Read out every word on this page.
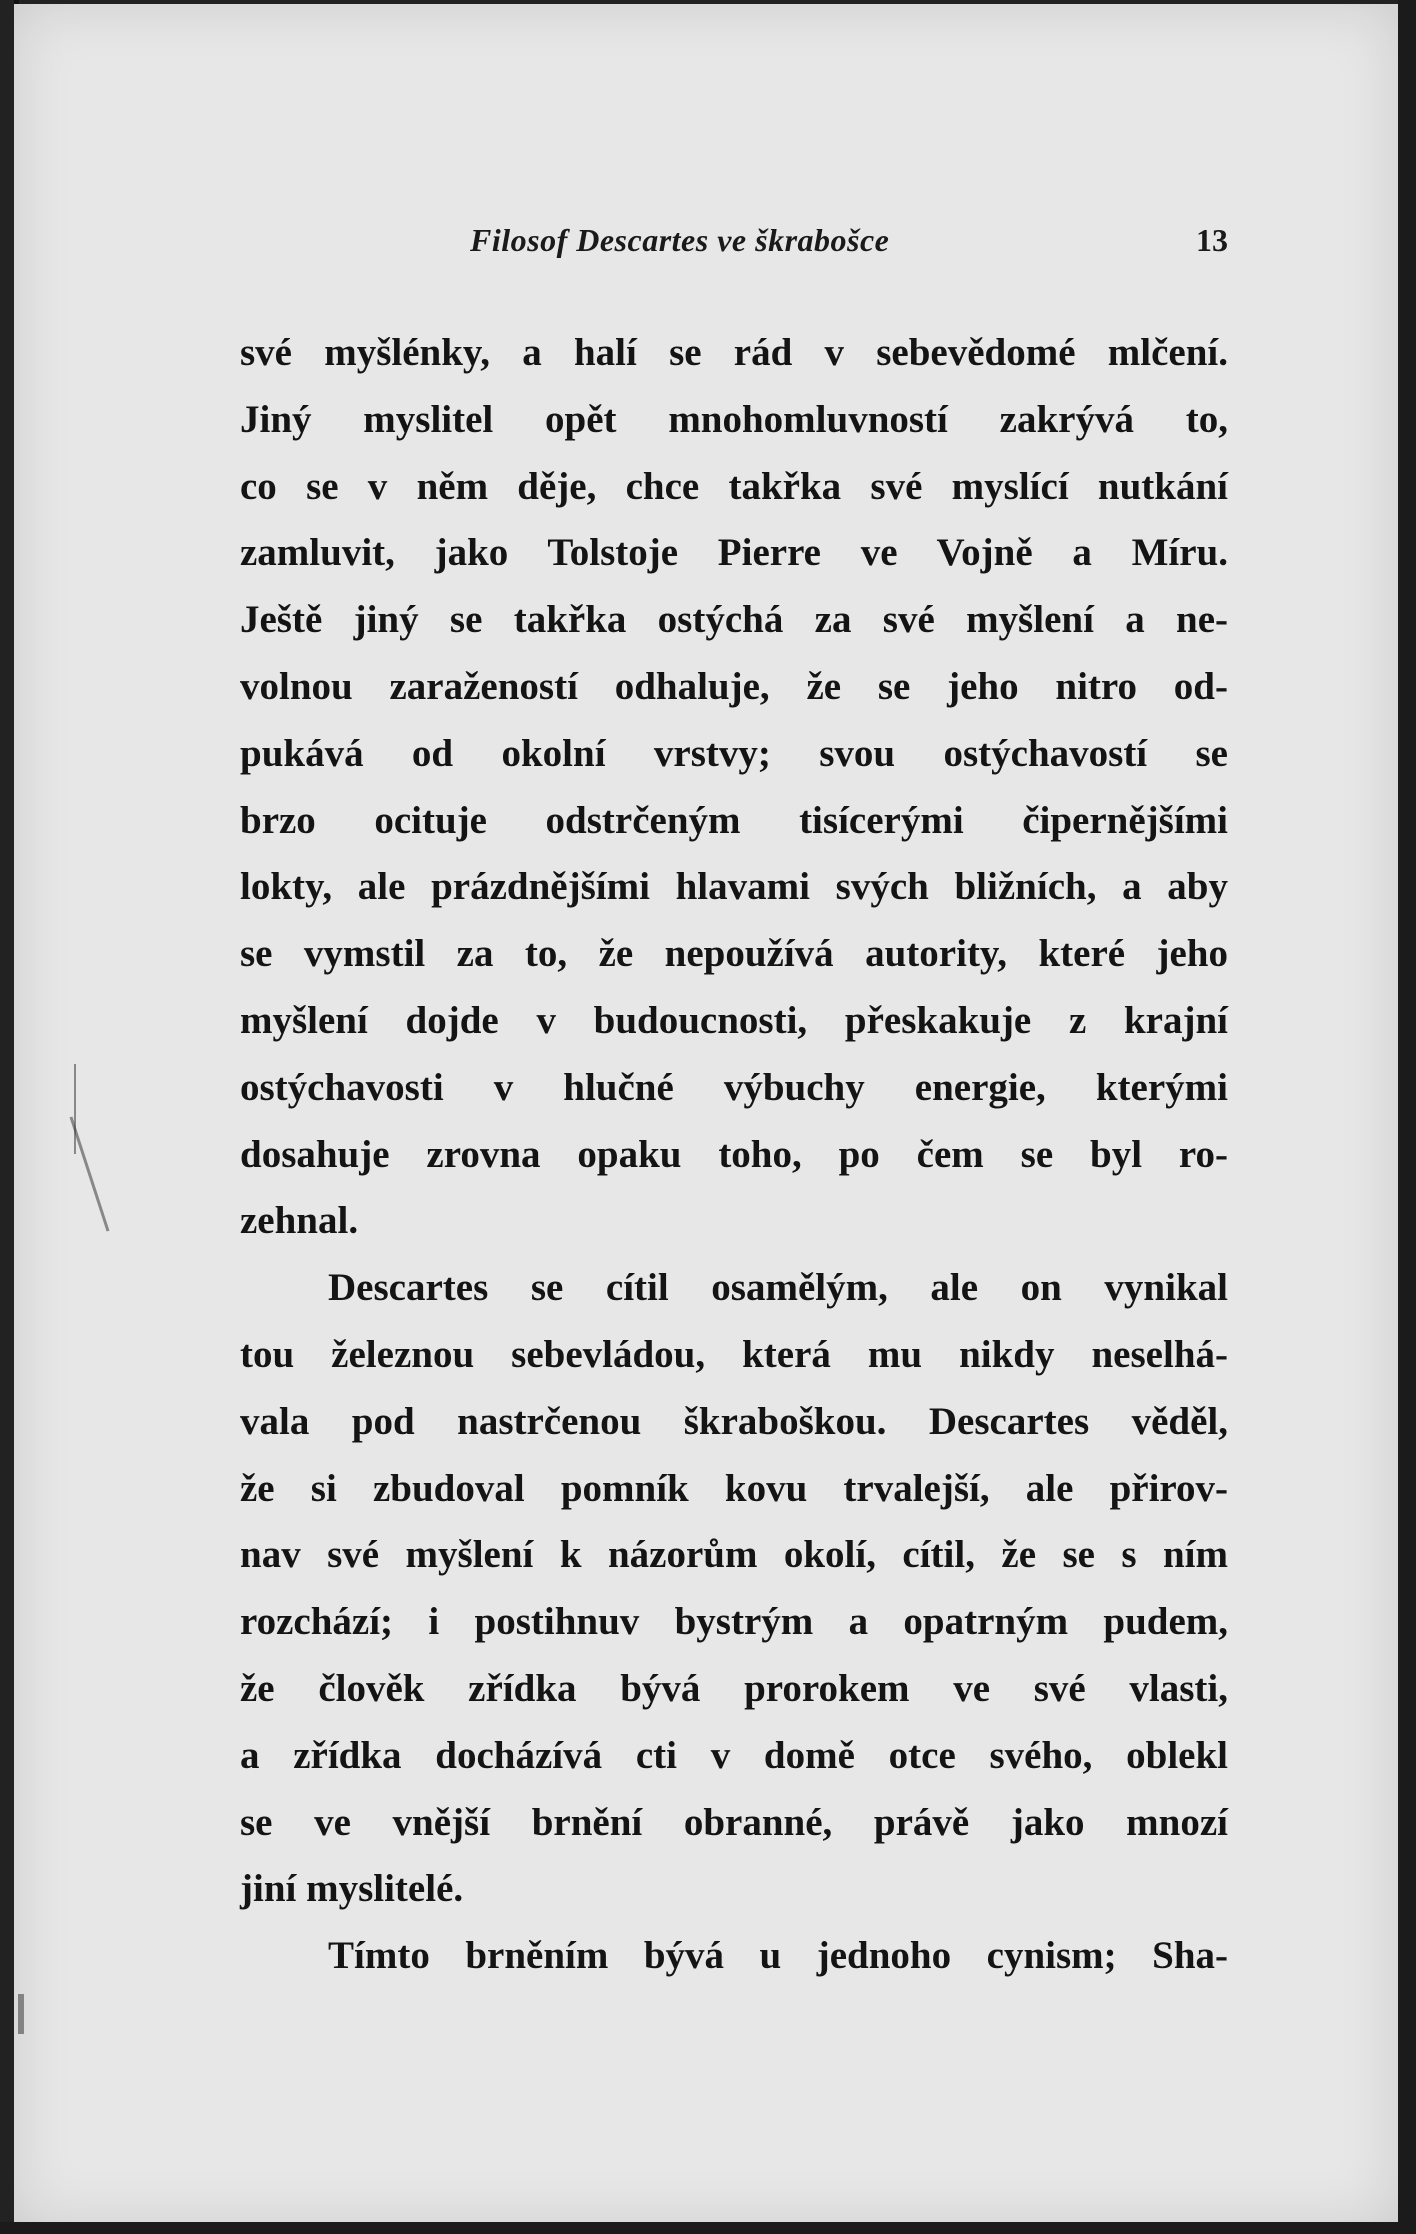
Filosof Descartes ve škrabošce	13

své myšlénky, a halí se rád v sebevědomé mlčení.
Jiný myslitel opět mnohomluvností zakrývá to,
co se v něm děje, chce takřka své myslící nutkání
zamluvit, jako Tolstoje Pierre ve Vojně a Míru.
Ještě jiný se takřka ostýchá za své myšlení a ne-
volnou zaražeností odhaluje, že se jeho nitro od-
pukává od okolní vrstvy; svou ostýchavostí se
brzo ocituje odstrčeným tisícerými čipernějšími
lokty, ale prázdnějšími hlavami svých bližních, a aby
se vymstil za to, že nepoužívá autority, které jeho
myšlení dojde v budoucnosti, přeskakuje z krajní
ostýchavosti v hlučné výbuchy energie, kterými
dosahuje zrovna opaku toho, po čem se byl ro-
zehnal.

Descartes se cítil osamělým, ale on vynikal
tou železnou sebevládou, která mu nikdy neselhá-
vala pod nastrčenou škraboškou. Descartes věděl,
že si zbudoval pomník kovu trvalejší, ale přirov-
nav své myšlení k názorům okolí, cítil, že se s ním
rozchází; i postihnuv bystrým a opatrným pudem,
že člověk zřídka bývá prorokem ve své vlasti,
a zřídka docházívá cti v domě otce svého, oblekl
se ve vnější brnění obranné, právě jako mnozí
jiní myslitelé.

Tímto brněním bývá u jednoho cynism; Sha-
